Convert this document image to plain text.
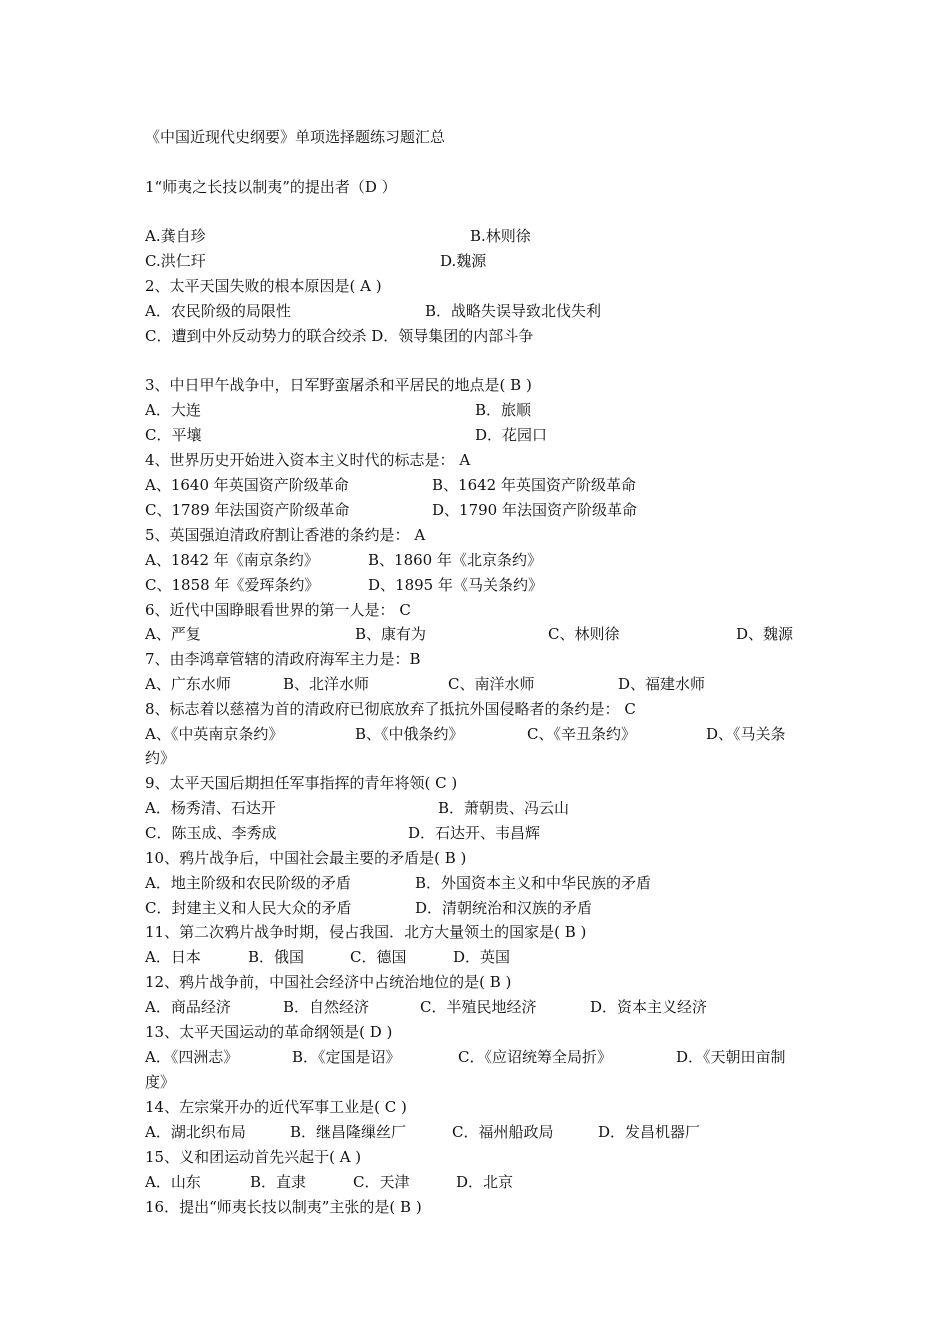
《中国近现代史纲要》单项选择题练习题汇总
1“师夷之长技以制夷”的提出者（D ）
A.龚自珍	B.林则徐
C.洪仁玕	D.魏源
2、太平天国失败的根本原因是( A )
A．农民阶级的局限性	B．战略失误导致北伐失利
C．遭到中外反动势力的联合绞杀 D．领导集团的内部斗争
3、中日甲午战争中，日军野蛮屠杀和平居民的地点是( B )
A．大连	B．旅顺
C．平壤	D．花园口
4、世界历史开始进入资本主义时代的标志是： A
A、1640 年英国资产阶级革命	B、1642 年英国资产阶级革命
C、1789 年法国资产阶级革命	D、1790 年法国资产阶级革命
5、英国强迫清政府割让香港的条约是： A
A、1842 年《南京条约》	B、1860 年《北京条约》
C、1858 年《爱珲条约》	D、1895 年《马关条约》
6、近代中国睁眼看世界的第一人是： C
A、严复	B、康有为	C、林则徐	D、魏源
7、由李鸿章管辖的清政府海军主力是：B
A、广东水师	B、北洋水师	C、南洋水师	D、福建水师
8、标志着以慈禧为首的清政府已彻底放弃了抵抗外国侵略者的条约是： C
A、《中英南京条约》	B、《中俄条约》	C、《辛丑条约》	D、《马关条
约》
9、太平天国后期担任军事指挥的青年将领( C )
A．杨秀清、石达开	B．萧朝贵、冯云山
C．陈玉成、李秀成	D．石达开、韦昌辉
10、鸦片战争后，中国社会最主要的矛盾是( B )
A．地主阶级和农民阶级的矛盾	B．外国资本主义和中华民族的矛盾
C．封建主义和人民大众的矛盾	D．清朝统治和汉族的矛盾
11、第二次鸦片战争时期，侵占我国．北方大量领土的国家是( B )
A．日本	B．俄国	C．德国	D．英国
12、鸦片战争前，中国社会经济中占统治地位的是( B )
A．商品经济	B．自然经济	C．半殖民地经济	D．资本主义经济
13、太平天国运动的革命纲领是( D )
A．《四洲志》	B．《定国是诏》	C．《应诏统筹全局折》	D．《天朝田亩制
度》
14、左宗棠开办的近代军事工业是( C )
A．湖北织布局	B．继昌隆缫丝厂	C．福州船政局	D．发昌机器厂
15、义和团运动首先兴起于( A )
A．山东	B．直隶	C．天津	D．北京
16．提出“师夷长技以制夷”主张的是( B )
